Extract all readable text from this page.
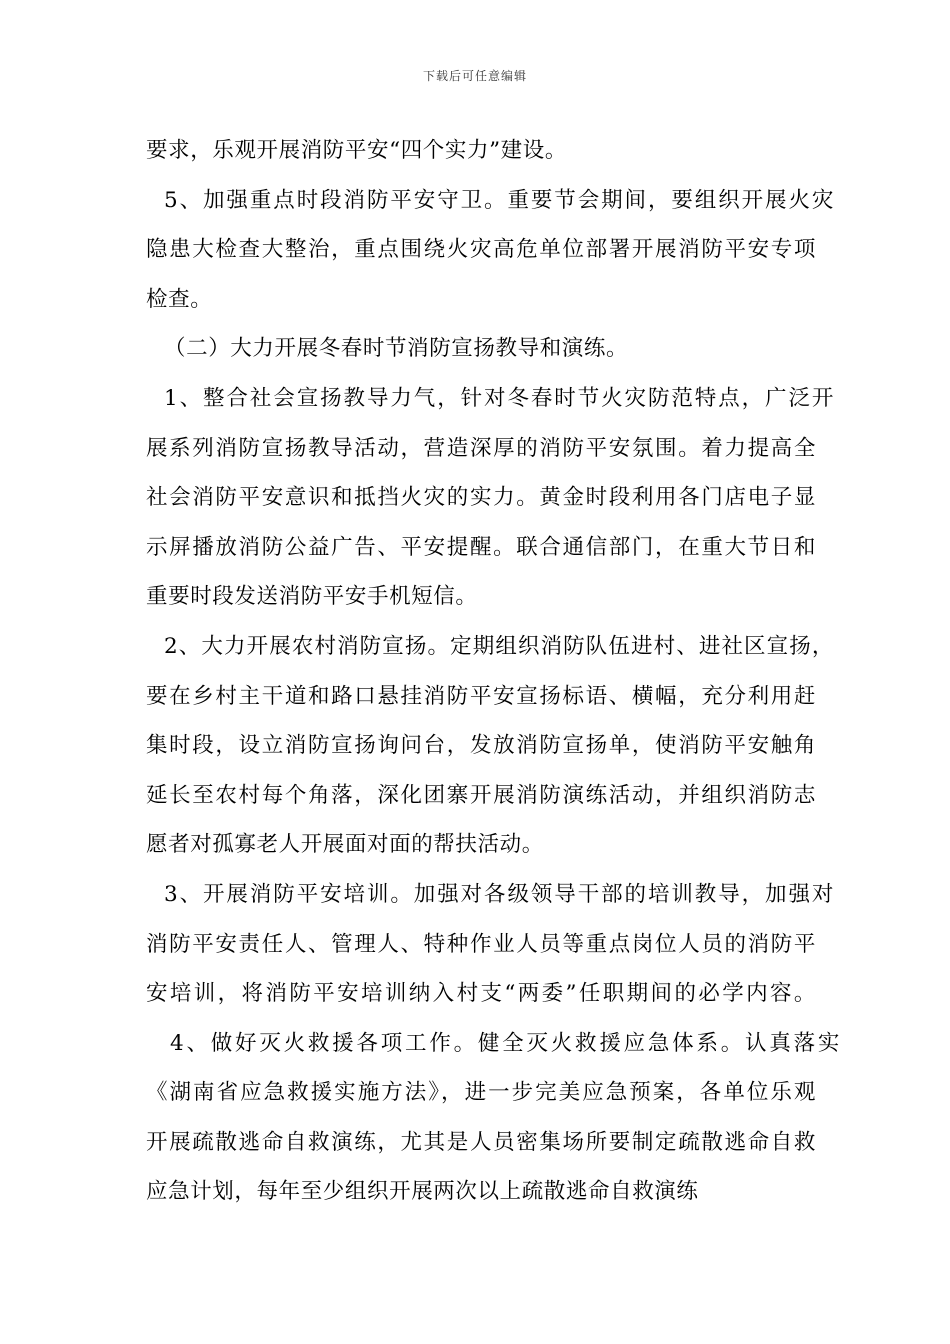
下载后可任意编辑
要求，乐观开展消防平安“四个实力”建设。
5、加强重点时段消防平安守卫。重要节会期间，要组织开展火灾
隐患大检查大整治，重点围绕火灾高危单位部署开展消防平安专项
检查。
（二）大力开展冬春时节消防宣扬教导和演练。
1、整合社会宣扬教导力气，针对冬春时节火灾防范特点，广泛开
展系列消防宣扬教导活动，营造深厚的消防平安氛围。着力提高全
社会消防平安意识和抵挡火灾的实力。黄金时段利用各门店电子显
示屏播放消防公益广告、平安提醒。联合通信部门，在重大节日和
重要时段发送消防平安手机短信。
2、大力开展农村消防宣扬。定期组织消防队伍进村、进社区宣扬，
要在乡村主干道和路口悬挂消防平安宣扬标语、横幅，充分利用赶
集时段，设立消防宣扬询问台，发放消防宣扬单，使消防平安触角
延长至农村每个角落，深化团寨开展消防演练活动，并组织消防志
愿者对孤寡老人开展面对面的帮扶活动。
3、开展消防平安培训。加强对各级领导干部的培训教导，加强对
消防平安责任人、管理人、特种作业人员等重点岗位人员的消防平
安培训，将消防平安培训纳入村支“两委”任职期间的必学内容。
4、做好灭火救援各项工作。健全灭火救援应急体系。认真落实
《湖南省应急救援实施方法》，进一步完美应急预案，各单位乐观
开展疏散逃命自救演练，尤其是人员密集场所要制定疏散逃命自救
应急计划，每年至少组织开展两次以上疏散逃命自救演练
